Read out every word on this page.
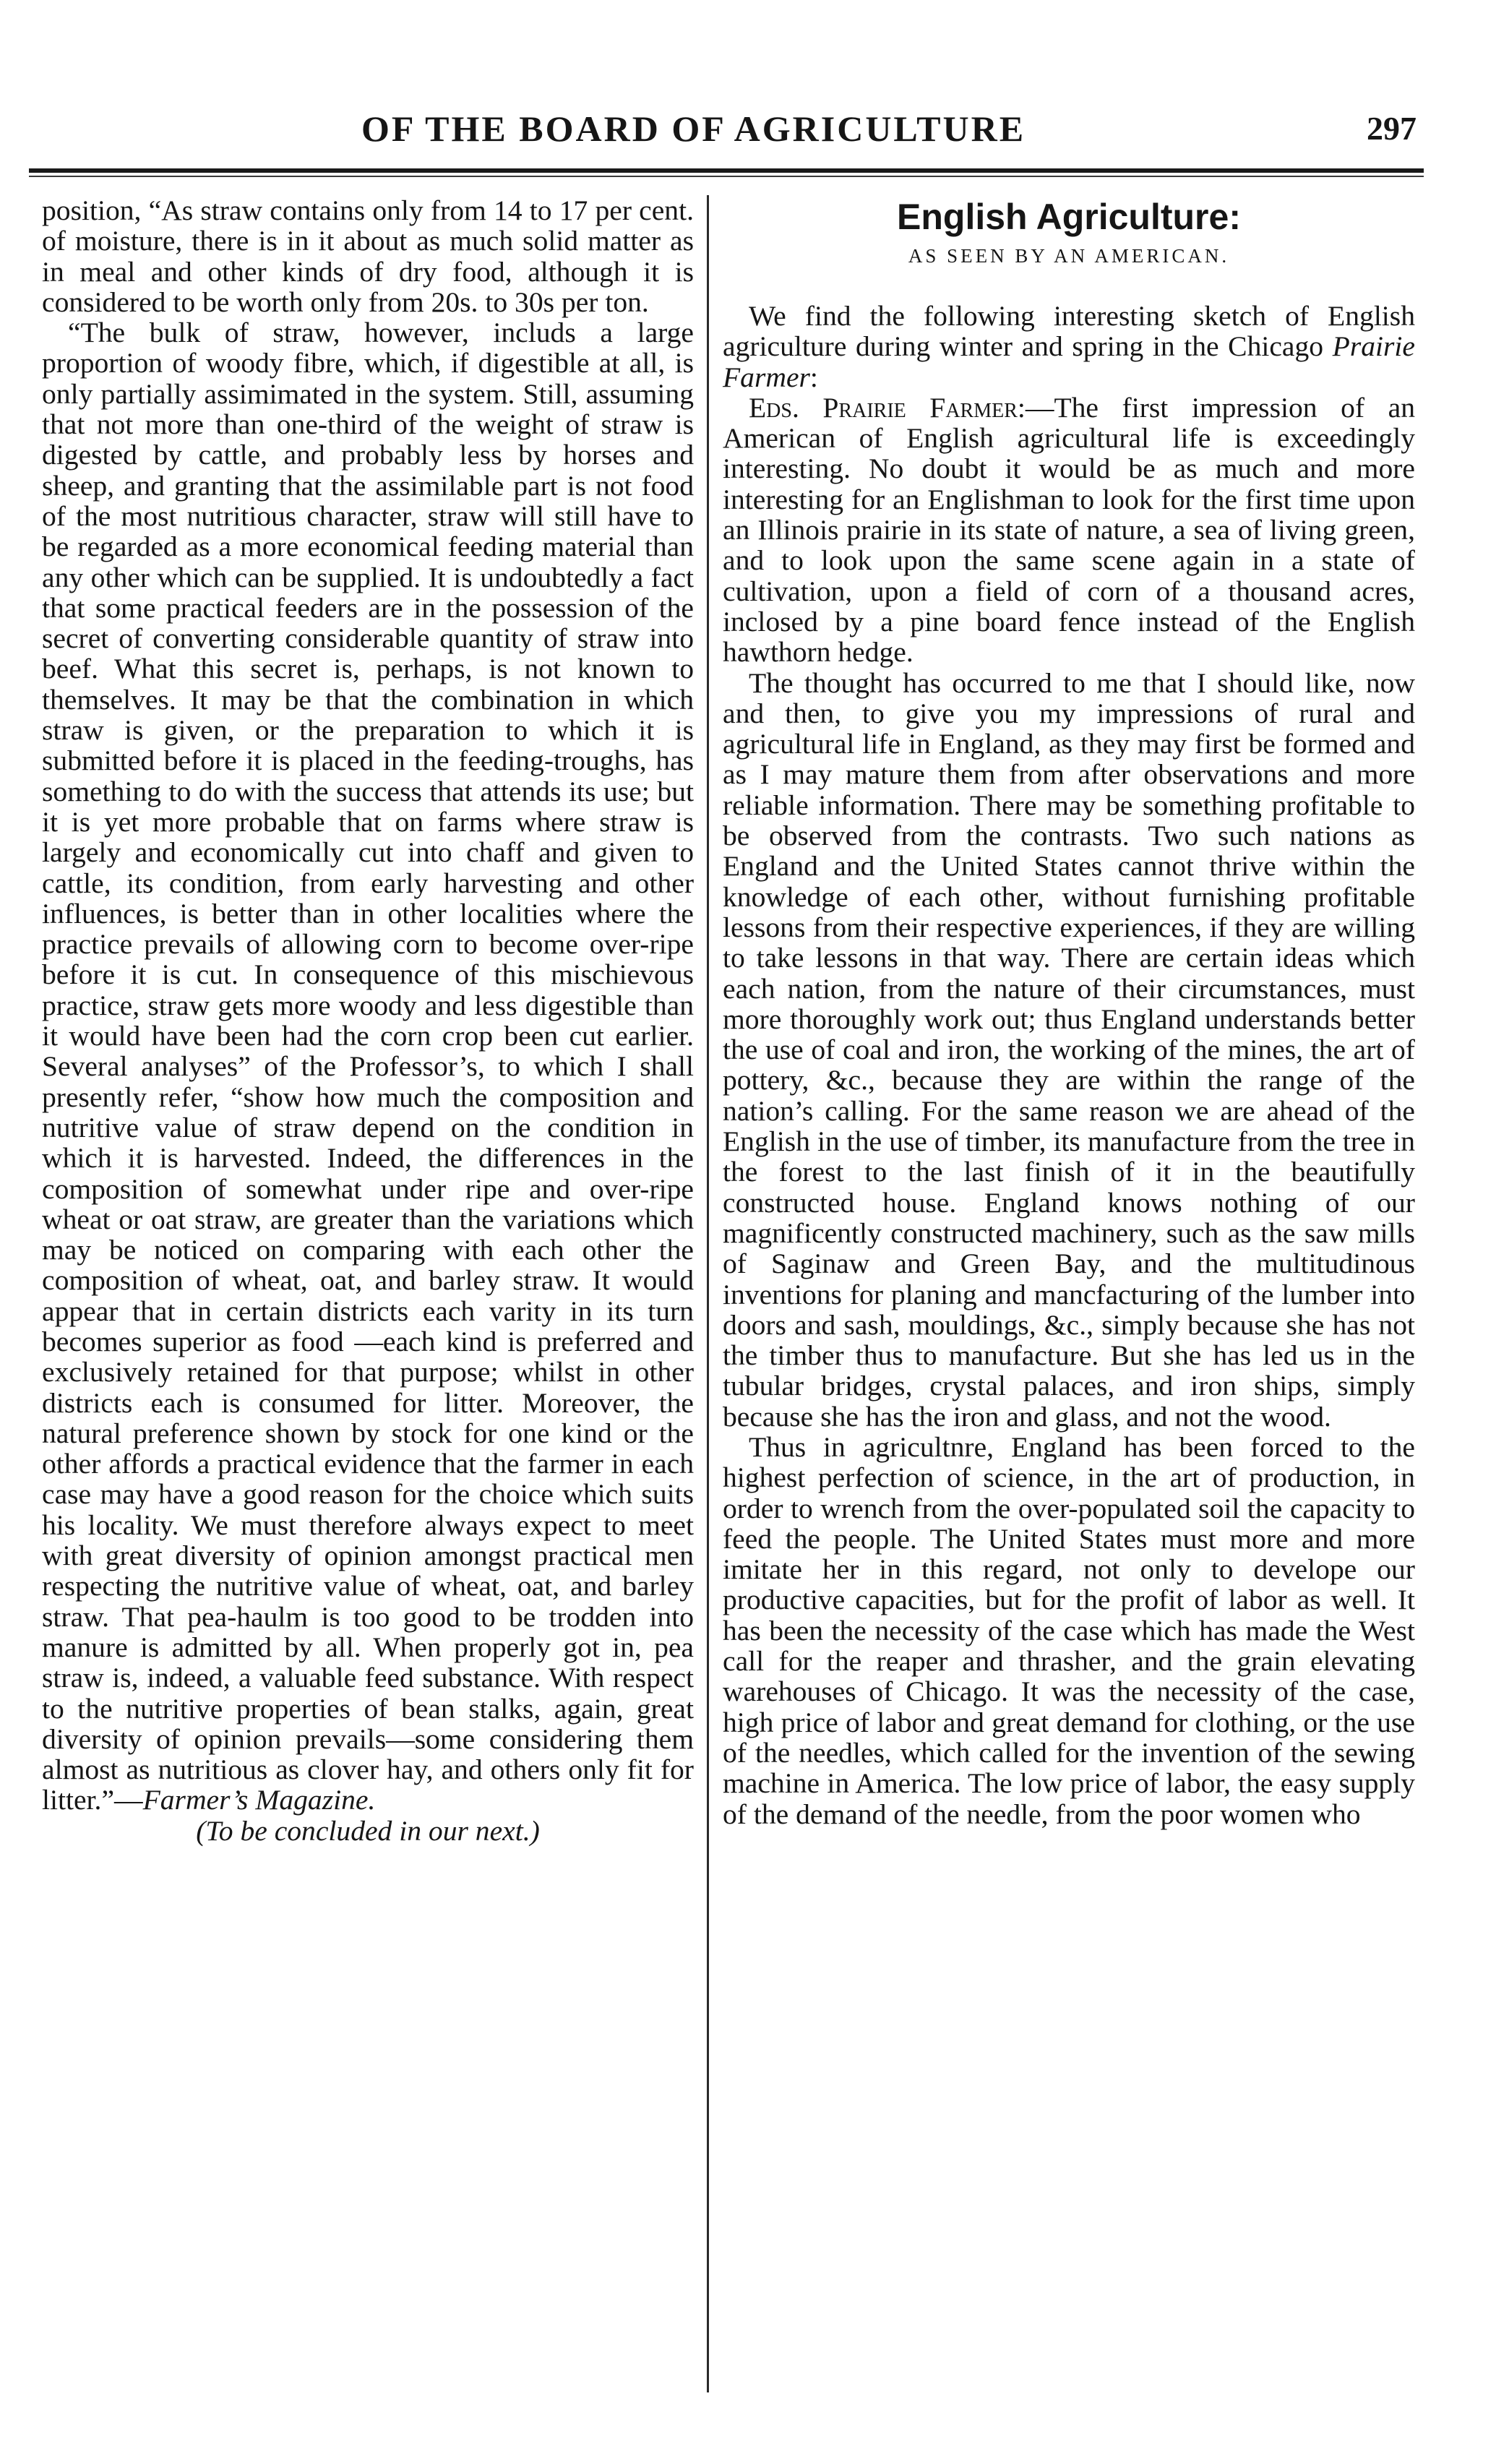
OF THE BOARD OF AGRICULTURE	297

position, “As straw contains only from 14 to 17 per cent. of moisture, there is in it about as much solid matter as in meal and other kinds of dry food, although it is considered to be worth only from 20s. to 30s per ton.

“The bulk of straw, however, includs a large proportion of woody fibre, which, if digestible at all, is only partially assimimated in the system. Still, assuming that not more than one-third of the weight of straw is digested by cattle, and probably less by horses and sheep, and granting that the assimilable part is not food of the most nutritious character, straw will still have to be regarded as a more economical feeding material than any other which can be supplied. It is undoubtedly a fact that some practical feeders are in the possession of the secret of converting considerable quantity of straw into beef. What this secret is, perhaps, is not known to themselves. It may be that the combination in which straw is given, or the preparation to which it is submitted before it is placed in the feeding-troughs, has something to do with the success that attends its use; but it is yet more probable that on farms where straw is largely and economically cut into chaff and given to cattle, its condition, from early harvesting and other influences, is better than in other localities where the practice prevails of allowing corn to become over-ripe before it is cut. In consequence of this mischievous practice, straw gets more woody and less digestible than it would have been had the corn crop been cut earlier. Several analyses” of the Professor’s, to which I shall presently refer, “show how much the composition and nutritive value of straw depend on the condition in which it is harvested. Indeed, the differences in the composition of somewhat under ripe and over-ripe wheat or oat straw, are greater than the variations which may be noticed on comparing with each other the composition of wheat, oat, and barley straw. It would appear that in certain districts each varity in its turn becomes superior as food —each kind is preferred and exclusively retained for that purpose; whilst in other districts each is consumed for litter. Moreover, the natural preference shown by stock for one kind or the other affords a practical evidence that the farmer in each case may have a good reason for the choice which suits his locality. We must therefore always expect to meet with great diversity of opinion amongst practical men respecting the nutritive value of wheat, oat, and barley straw. That pea-haulm is too good to be trodden into manure is admitted by all. When properly got in, pea straw is, indeed, a valuable feed substance. With respect to the nutritive properties of bean stalks, again, great diversity of opinion prevails—some considering them almost as nutritious as clover hay, and others only fit for litter.”—Farmer’s Magazine.

(To be concluded in our next.)

English Agriculture:
AS SEEN BY AN AMERICAN.

We find the following interesting sketch of English agriculture during winter and spring in the Chicago Prairie Farmer:

Eds. Prairie Farmer:—The first impression of an American of English agricultural life is exceedingly interesting. No doubt it would be as much and more interesting for an Englishman to look for the first time upon an Illinois prairie in its state of nature, a sea of living green, and to look upon the same scene again in a state of cultivation, upon a field of corn of a thousand acres, inclosed by a pine board fence instead of the English hawthorn hedge.

The thought has occurred to me that I should like, now and then, to give you my impressions of rural and agricultural life in England, as they may first be formed and as I may mature them from after observations and more reliable information. There may be something profitable to be observed from the contrasts. Two such nations as England and the United States cannot thrive within the knowledge of each other, without furnishing profitable lessons from their respective experiences, if they are willing to take lessons in that way. There are certain ideas which each nation, from the nature of their circumstances, must more thoroughly work out; thus England understands better the use of coal and iron, the working of the mines, the art of pottery, &c., because they are within the range of the nation’s calling. For the same reason we are ahead of the English in the use of timber, its manufacture from the tree in the forest to the last finish of it in the beautifully constructed house. England knows nothing of our magnificently constructed machinery, such as the saw mills of Saginaw and Green Bay, and the multitudinous inventions for planing and mancfacturing of the lumber into doors and sash, mouldings, &c., simply because she has not the timber thus to manufacture. But she has led us in the tubular bridges, crystal palaces, and iron ships, simply because she has the iron and glass, and not the wood.

Thus in agricultnre, England has been forced to the highest perfection of science, in the art of production, in order to wrench from the over-populated soil the capacity to feed the people. The United States must more and more imitate her in this regard, not only to develope our productive capacities, but for the profit of labor as well. It has been the necessity of the case which has made the West call for the reaper and thrasher, and the grain elevating warehouses of Chicago. It was the necessity of the case, high price of labor and great demand for clothing, or the use of the needles, which called for the invention of the sewing machine in America. The low price of labor, the easy supply of the demand of the needle, from the poor women who
